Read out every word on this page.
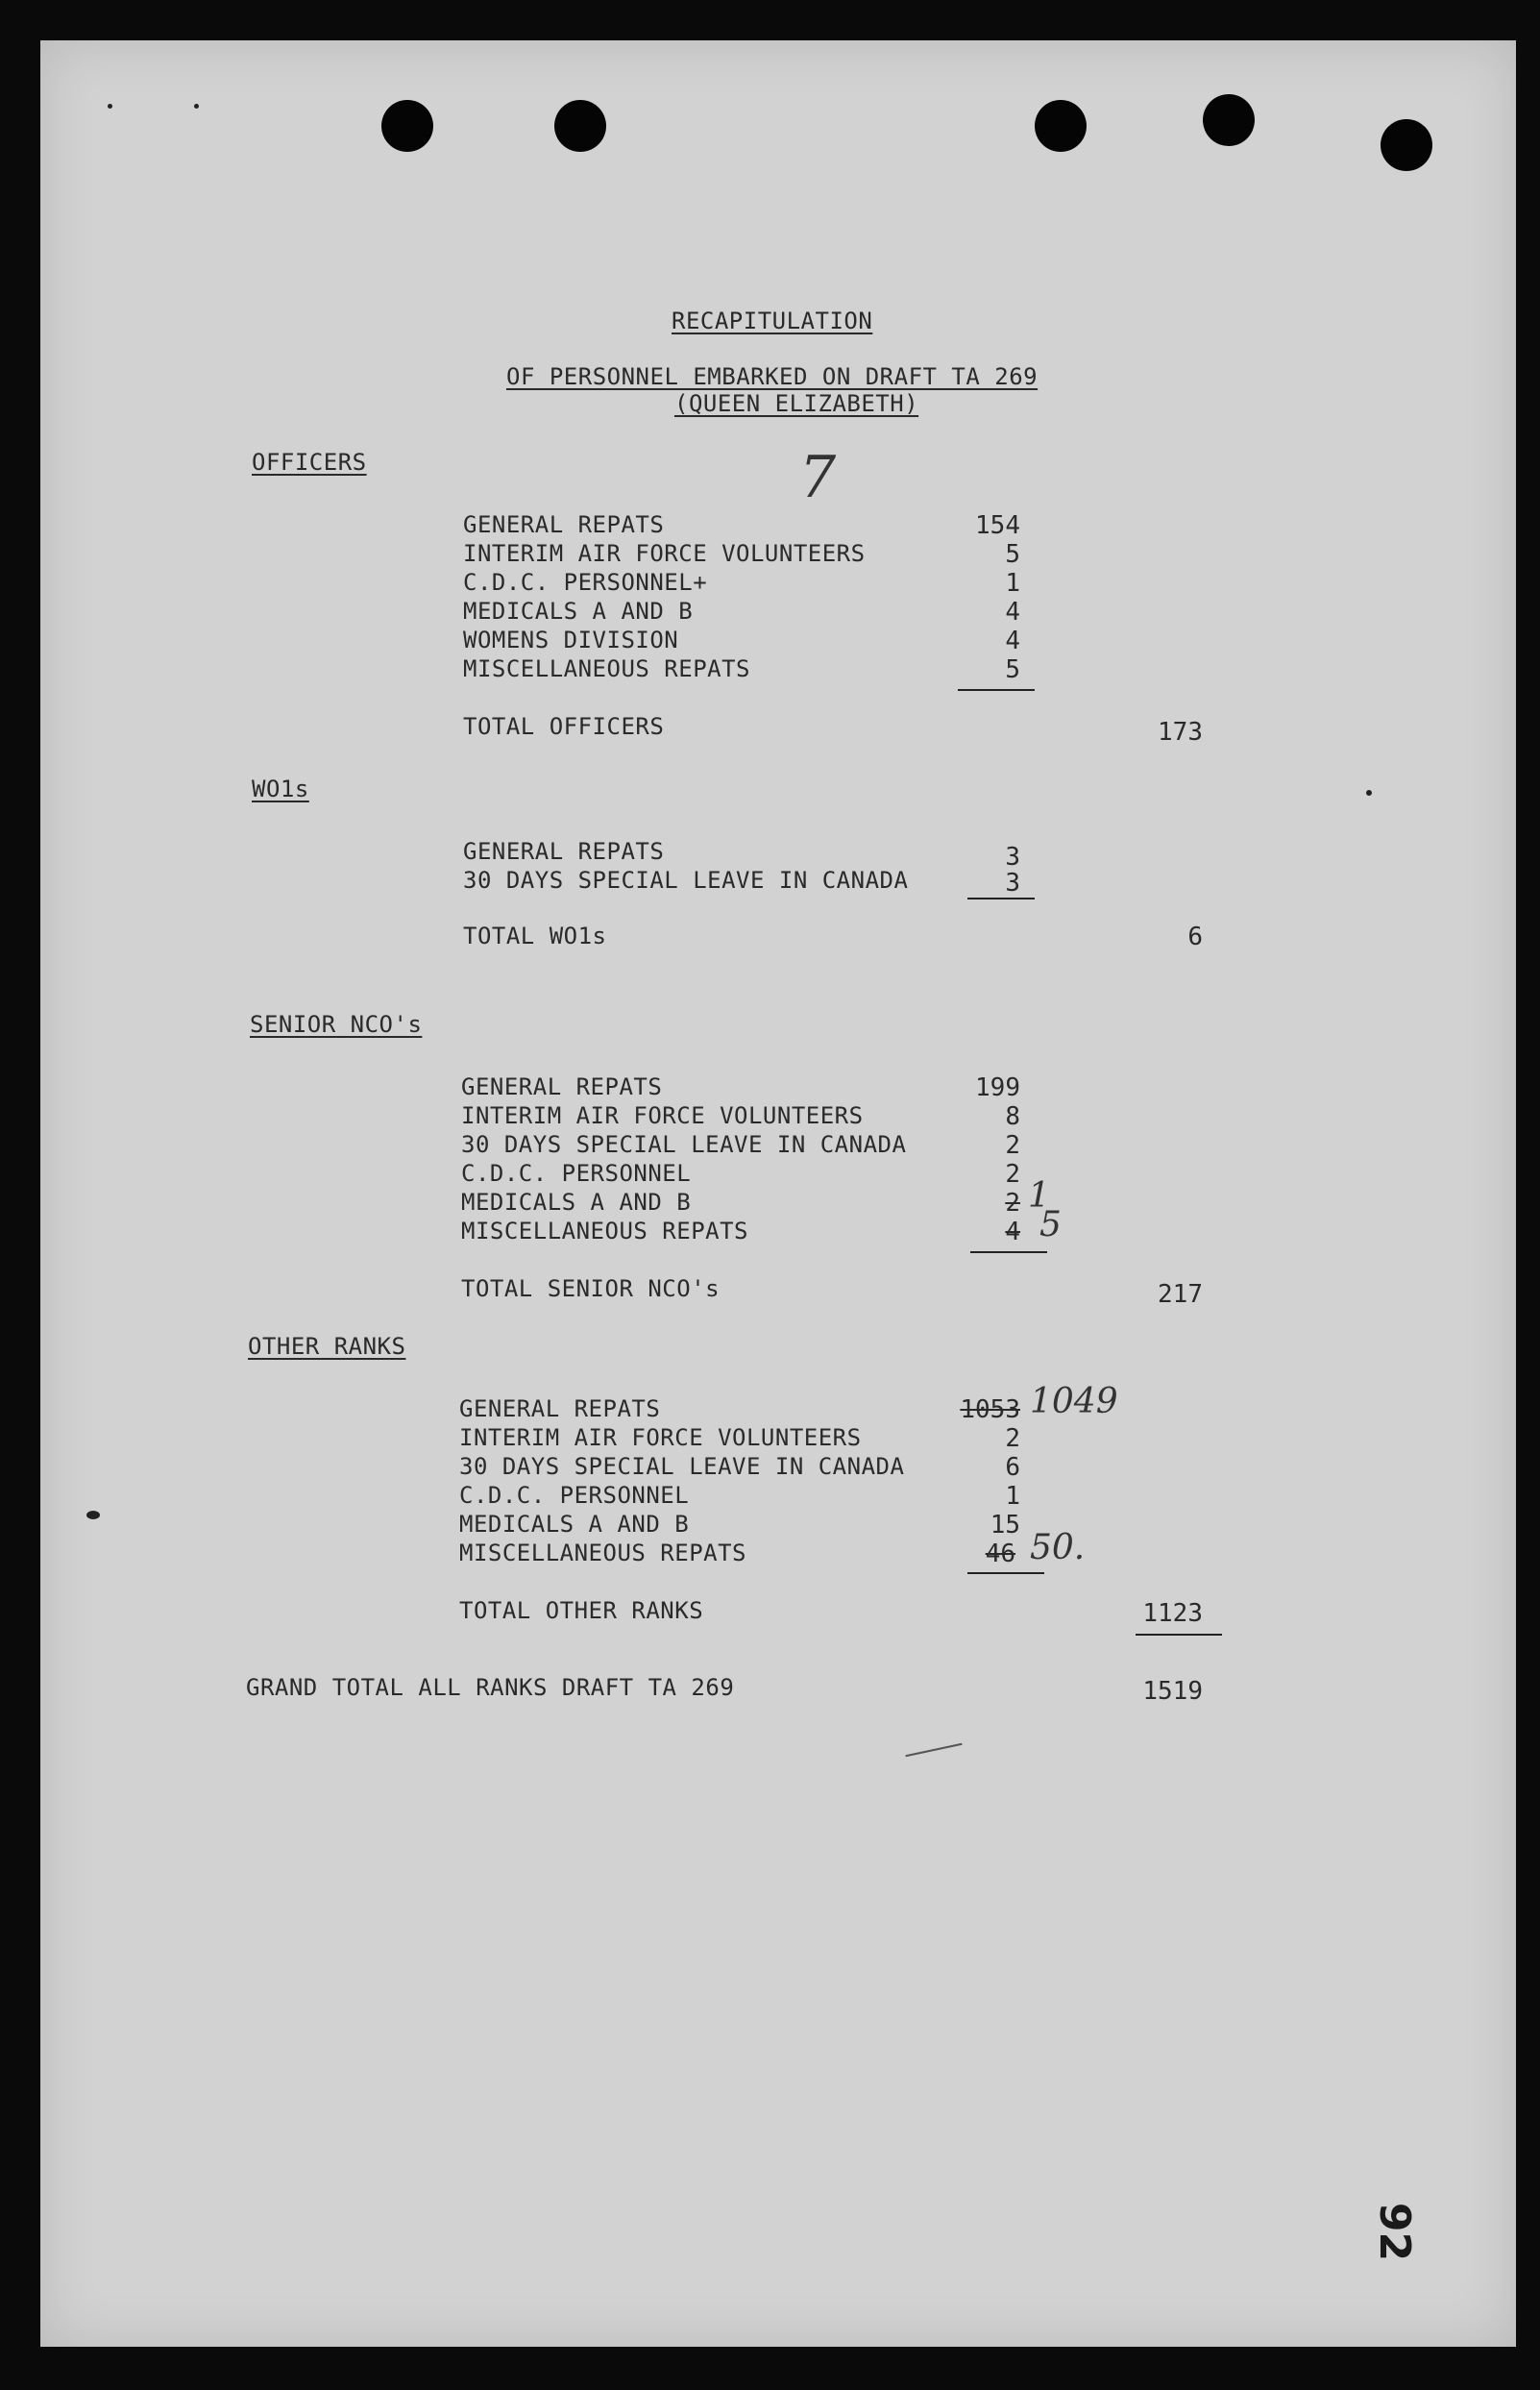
RECAPITULATION
OF PERSONNEL EMBARKED ON DRAFT TA 269
(QUEEN ELIZABETH)
7
OFFICERS
GENERAL REPATS	154
INTERIM AIR FORCE VOLUNTEERS	5
C.D.C. PERSONNEL+	1
MEDICALS A AND B	4
WOMENS DIVISION	4
MISCELLANEOUS REPATS	5
TOTAL OFFICERS	173
WO1s
GENERAL REPATS	3
30 DAYS SPECIAL LEAVE IN CANADA	3
TOTAL WO1s	6
SENIOR NCO's
GENERAL REPATS	199
INTERIM AIR FORCE VOLUNTEERS	8
30 DAYS SPECIAL LEAVE IN CANADA	2
C.D.C. PERSONNEL	2
MEDICALS A AND B	2 1
MISCELLANEOUS REPATS	4 5
TOTAL SENIOR NCO's	217
OTHER RANKS
GENERAL REPATS	1053 1049
INTERIM AIR FORCE VOLUNTEERS	2
30 DAYS SPECIAL LEAVE IN CANADA	6
C.D.C. PERSONNEL	1
MEDICALS A AND B	15
MISCELLANEOUS REPATS	46 50.
TOTAL OTHER RANKS	1123
GRAND TOTAL ALL RANKS DRAFT TA 269	1519
92
